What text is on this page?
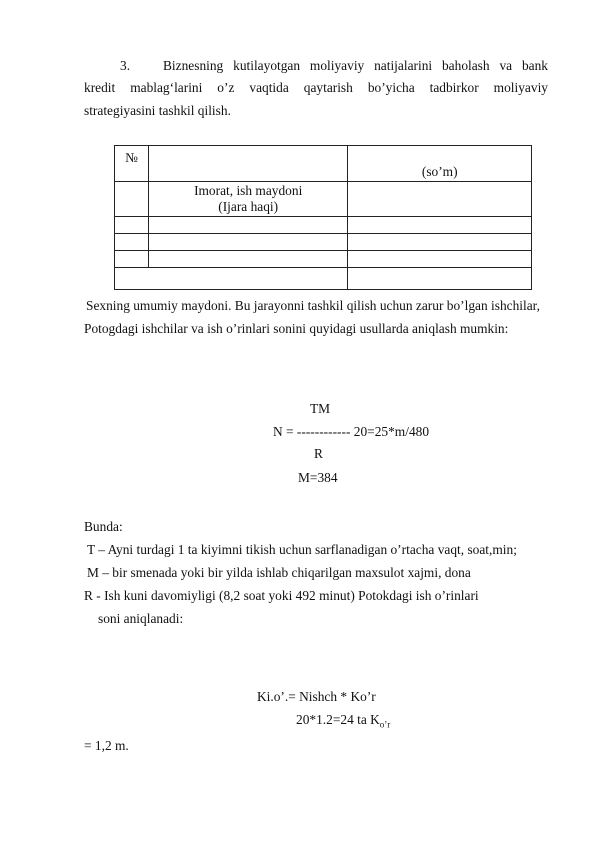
3. Biznesning kutilayotgan moliyaviy natijalarini baholash va bank
kredit mablag‘larini o’z vaqtida qaytarish bo’yicha tadbirkor moliyaviy
strategiyasini tashkil qilish.
№		(so’m)

	Imorat, ish maydoni
(Ijara haqi)	

Sexning umumiy maydoni. Bu jarayonni tashkil qilish uchun zarur bo’lgan ishchilar,
Potogdagi ishchilar va ish o’rinlari sonini quyidagi usullarda aniqlash mumkin:
TM
N = ------------ 20=25*m/480
R
M=384
Bunda:
T – Ayni turdagi 1 ta kiyimni tikish uchun sarflanadigan o’rtacha vaqt, soat,min;
M – bir smenada yoki bir yilda ishlab chiqarilgan maxsulot xajmi, dona
R - Ish kuni davomiyligi (8,2 soat yoki 492 minut) Potokdagi ish o’rinlari
soni aniqlanadi:
Ki.o’.= Nishch * Ko’r
20*1.2=24 ta $K_{o’r}$
= 1,2 m.
